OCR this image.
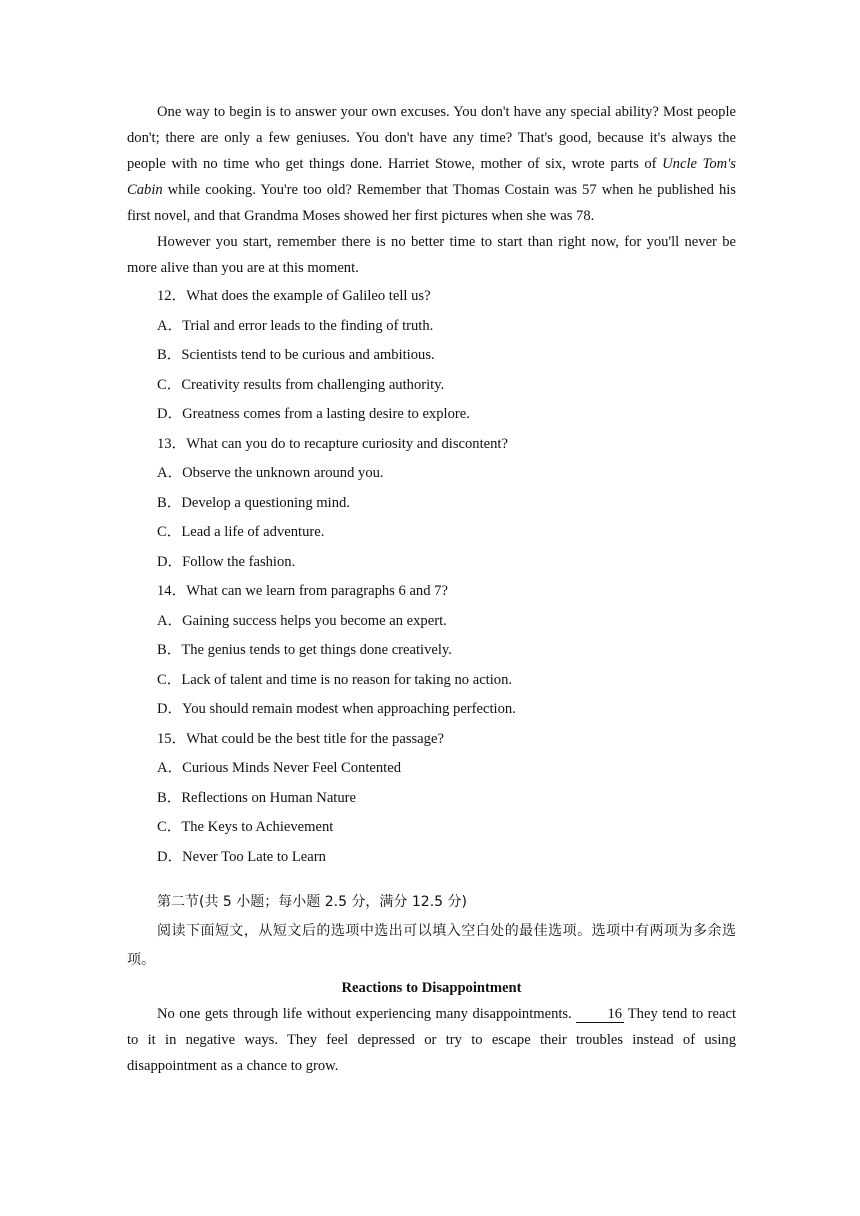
One way to begin is to answer your own excuses. You don't have any special ability? Most people don't; there are only a few geniuses. You don't have any time? That's good, because it's always the people with no time who get things done. Harriet Stowe, mother of six, wrote parts of Uncle Tom's Cabin while cooking. You're too old? Remember that Thomas Costain was 57 when he published his first novel, and that Grandma Moses showed her first pictures when she was 78.

However you start, remember there is no better time to start than right now, for you'll never be more alive than you are at this moment.

12．What does the example of Galileo tell us?

A．Trial and error leads to the finding of truth.

B．Scientists tend to be curious and ambitious.

C．Creativity results from challenging authority.

D．Greatness comes from a lasting desire to explore.

13．What can you do to recapture curiosity and discontent?

A．Observe the unknown around you.

B．Develop a questioning mind.

C．Lead a life of adventure.

D．Follow the fashion.

14．What can we learn from paragraphs 6 and 7?

A．Gaining success helps you become an expert.

B．The genius tends to get things done creatively.

C．Lack of talent and time is no reason for taking no action.

D．You should remain modest when approaching perfection.

15．What could be the best title for the passage?

A．Curious Minds Never Feel Contented

B．Reflections on Human Nature

C．The Keys to Achievement

D．Never Too Late to Learn

第二节(共 5 小题；每小题 2.5 分，满分 12.5 分)

阅读下面短文，从短文后的选项中选出可以填入空白处的最佳选项。选项中有两项为多余选项。

Reactions to Disappointment

No one gets through life without experiencing many disappointments. 16 They tend to react to it in negative ways. They feel depressed or try to escape their troubles instead of using disappointment as a chance to grow.
